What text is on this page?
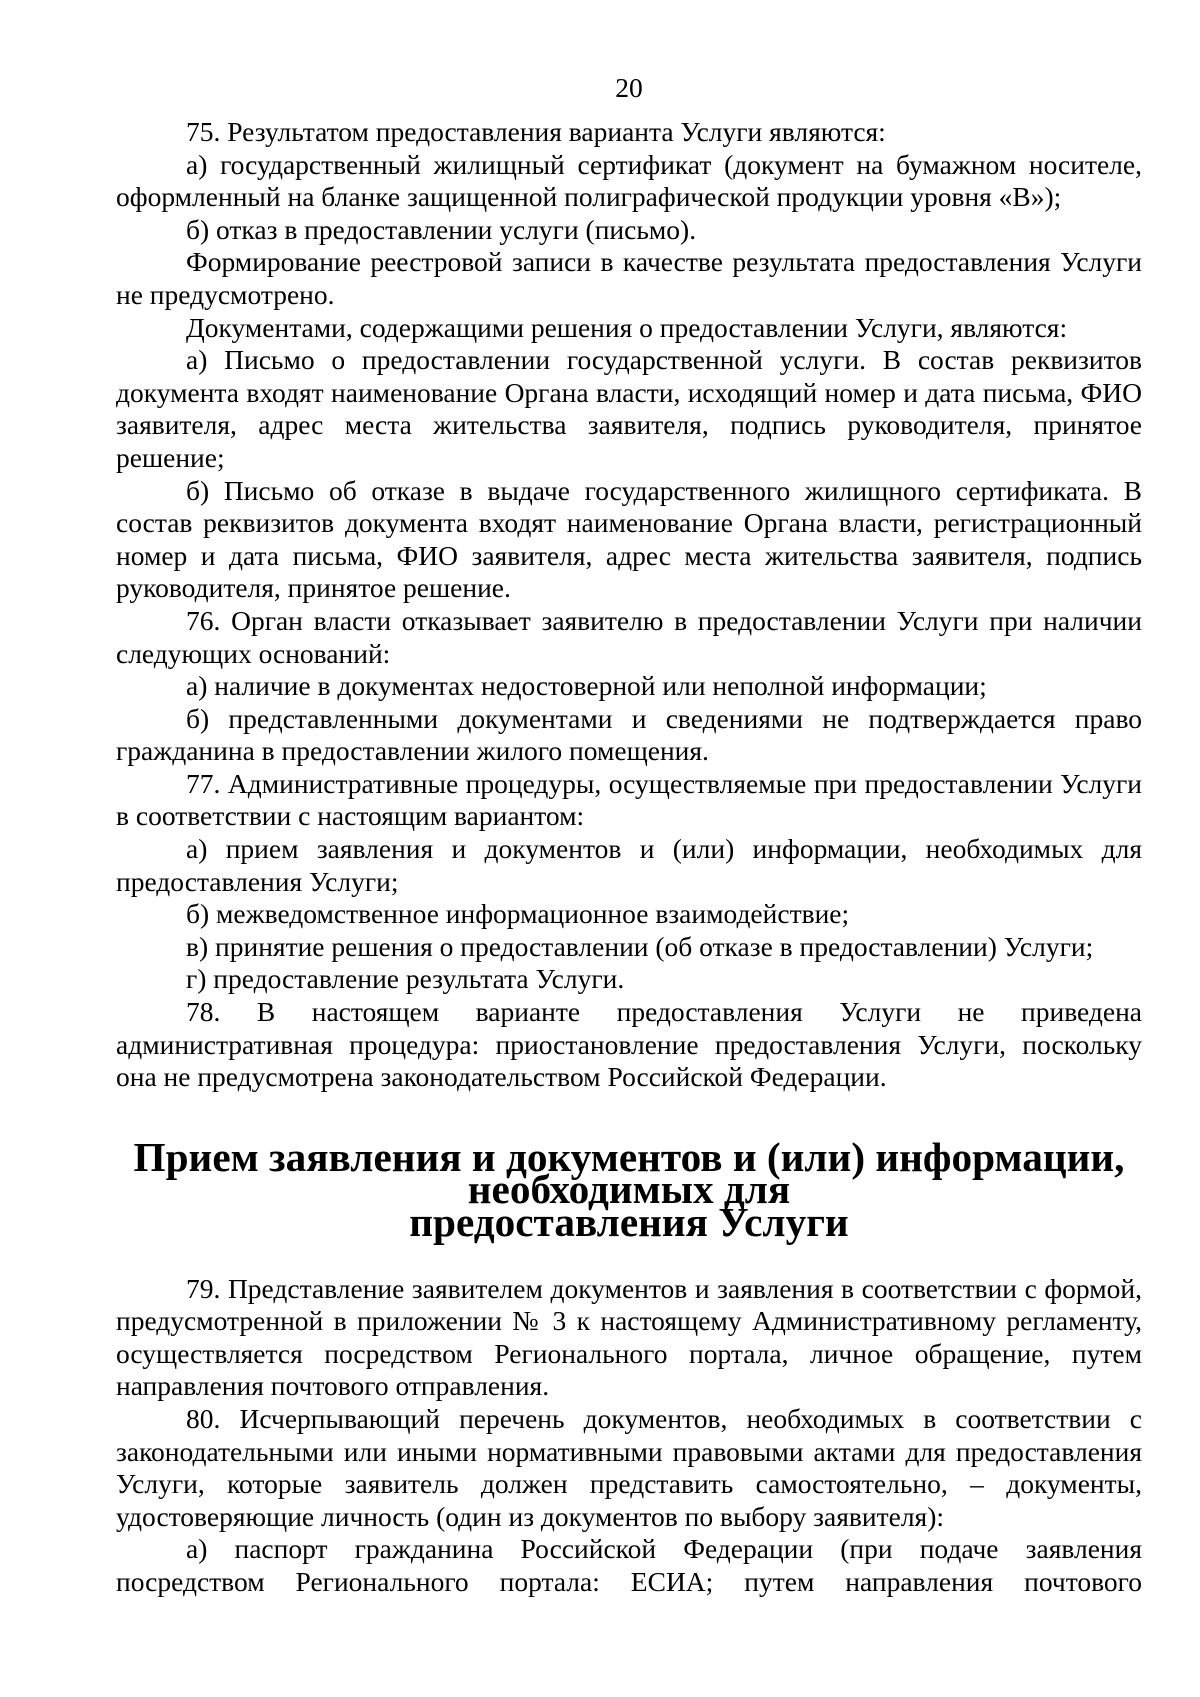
20

75. Результатом предоставления варианта Услуги являются:

а) государственный жилищный сертификат (документ на бумажном носителе, оформленный на бланке защищенной полиграфической продукции уровня «В»);

б) отказ в предоставлении услуги (письмо).

Формирование реестровой записи в качестве результата предоставления Услуги не предусмотрено.

Документами, содержащими решения о предоставлении Услуги, являются:

а) Письмо о предоставлении государственной услуги. В состав реквизитов документа входят наименование Органа власти, исходящий номер и дата письма, ФИО заявителя, адрес места жительства заявителя, подпись руководителя, принятое решение;

б) Письмо об отказе в выдаче государственного жилищного сертификата. В состав реквизитов документа входят наименование Органа власти, регистрационный номер и дата письма, ФИО заявителя, адрес места жительства заявителя, подпись руководителя, принятое решение.

76. Орган власти отказывает заявителю в предоставлении Услуги при наличии следующих оснований:

а) наличие в документах недостоверной или неполной информации;

б) представленными документами и сведениями не подтверждается право гражданина в предоставлении жилого помещения.

77. Административные процедуры, осуществляемые при предоставлении Услуги в соответствии с настоящим вариантом:

а) прием заявления и документов и (или) информации, необходимых для предоставления Услуги;

б) межведомственное информационное взаимодействие;

в) принятие решения о предоставлении (об отказе в предоставлении) Услуги;

г) предоставление результата Услуги.

78. В настоящем варианте предоставления Услуги не приведена административная процедура: приостановление предоставления Услуги, поскольку она не предусмотрена законодательством Российской Федерации.

Прием заявления и документов и (или) информации, необходимых для
предоставления Услуги

79. Представление заявителем документов и заявления в соответствии с формой, предусмотренной в приложении № 3 к настоящему Административному регламенту, осуществляется посредством Регионального портала, личное обращение, путем направления почтового отправления.

80. Исчерпывающий перечень документов, необходимых в соответствии с законодательными или иными нормативными правовыми актами для предоставления Услуги, которые заявитель должен представить самостоятельно, – документы, удостоверяющие личность (один из документов по выбору заявителя):

а) паспорт гражданина Российской Федерации (при подаче заявления посредством Регионального портала: ЕСИА; путем направления почтового
